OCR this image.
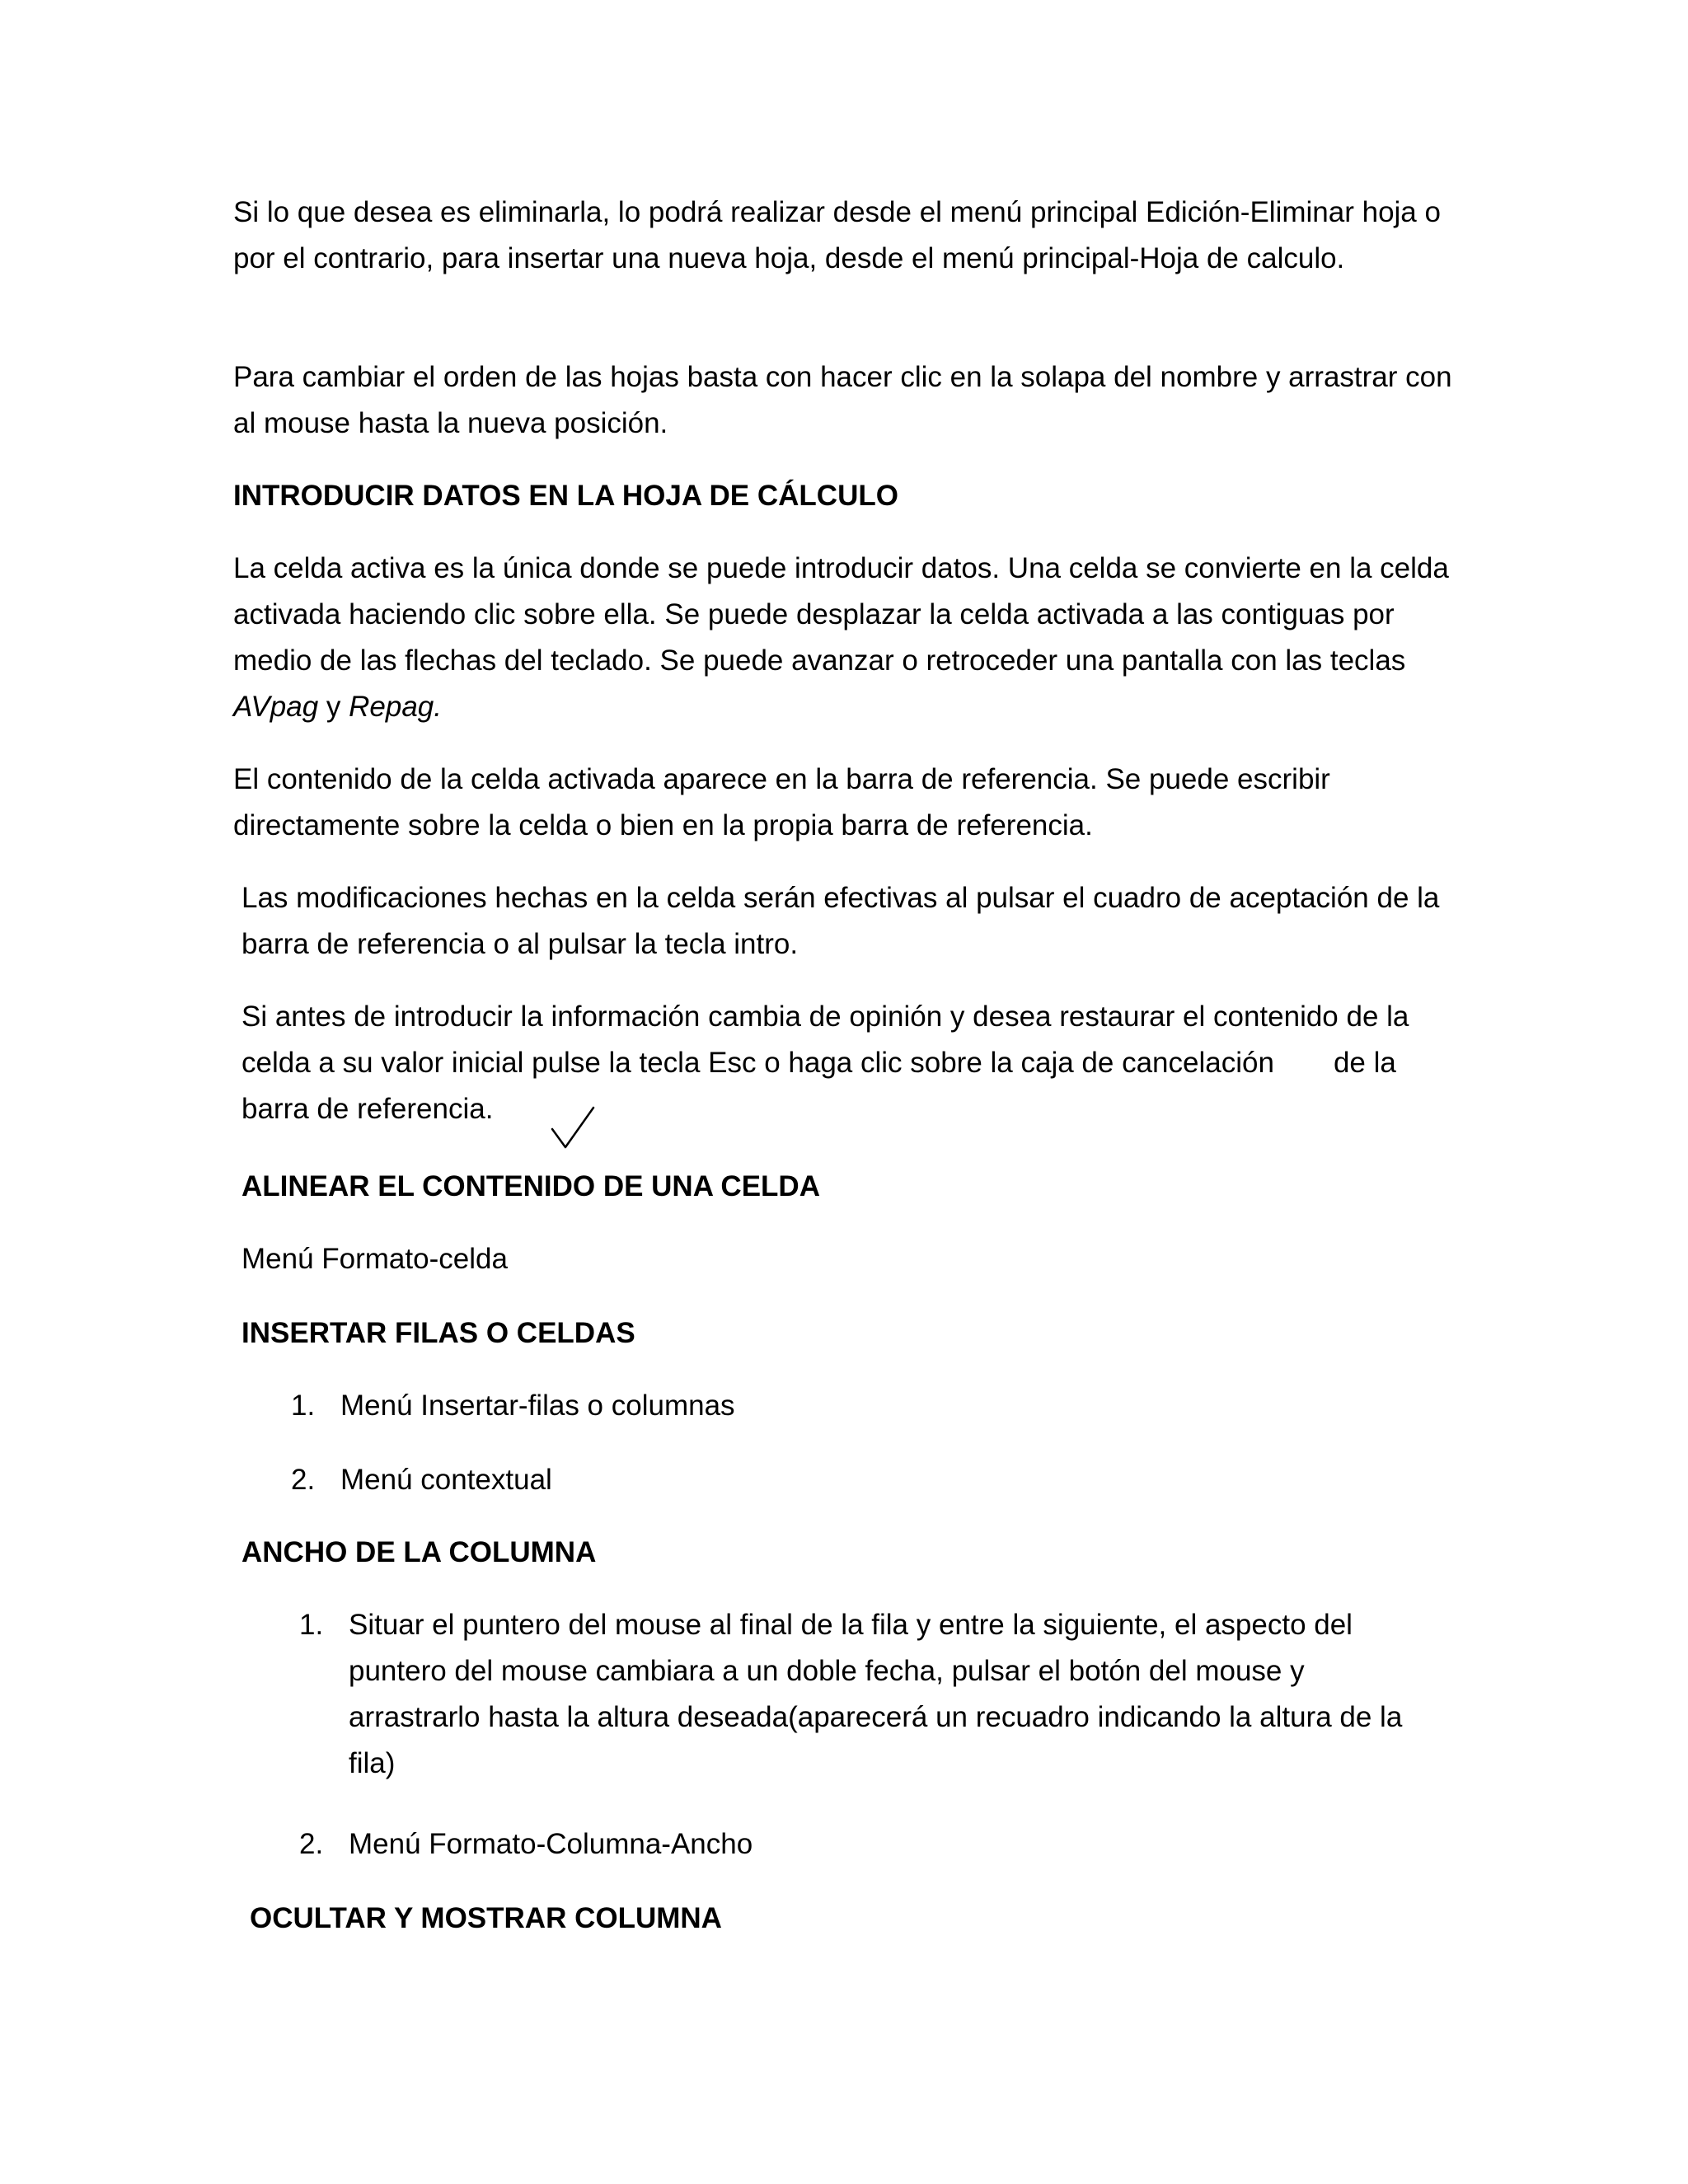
Si lo que desea es eliminarla, lo podrá realizar desde el menú principal Edición-Eliminar hoja o por el contrario, para insertar una nueva hoja, desde el menú principal-Hoja de calculo.

Para cambiar el orden de las hojas basta con hacer clic en la solapa del nombre y arrastrar con al mouse hasta la nueva posición.

INTRODUCIR DATOS EN LA HOJA DE CÁLCULO

La celda activa es la única donde se puede introducir datos. Una celda se convierte en la celda activada haciendo clic sobre ella. Se puede desplazar la celda activada a las contiguas por medio de las flechas del teclado. Se puede avanzar o retroceder una pantalla con las teclas AVpag y Repag.

El contenido de la celda activada aparece en la barra de referencia. Se puede escribir directamente sobre la celda o bien en la propia barra de referencia.

Las modificaciones hechas en la celda serán efectivas al pulsar el cuadro de aceptación de la barra de referencia o al pulsar la tecla intro.

Si antes de introducir la información cambia de opinión y desea restaurar el contenido de la celda a su valor inicial pulse la tecla Esc o haga clic sobre la caja de cancelación de la barra de referencia.

ALINEAR EL CONTENIDO DE UNA CELDA

Menú Formato-celda

INSERTAR FILAS O CELDAS

1. Menú Insertar-filas o columnas

2. Menú contextual

ANCHO DE LA COLUMNA

1. Situar el puntero del mouse al final de la fila y entre la siguiente, el aspecto del puntero del mouse cambiara a un doble fecha, pulsar el botón del mouse y arrastrarlo hasta la altura deseada(aparecerá un recuadro indicando la altura de la fila)

2. Menú Formato-Columna-Ancho

OCULTAR Y MOSTRAR COLUMNA
